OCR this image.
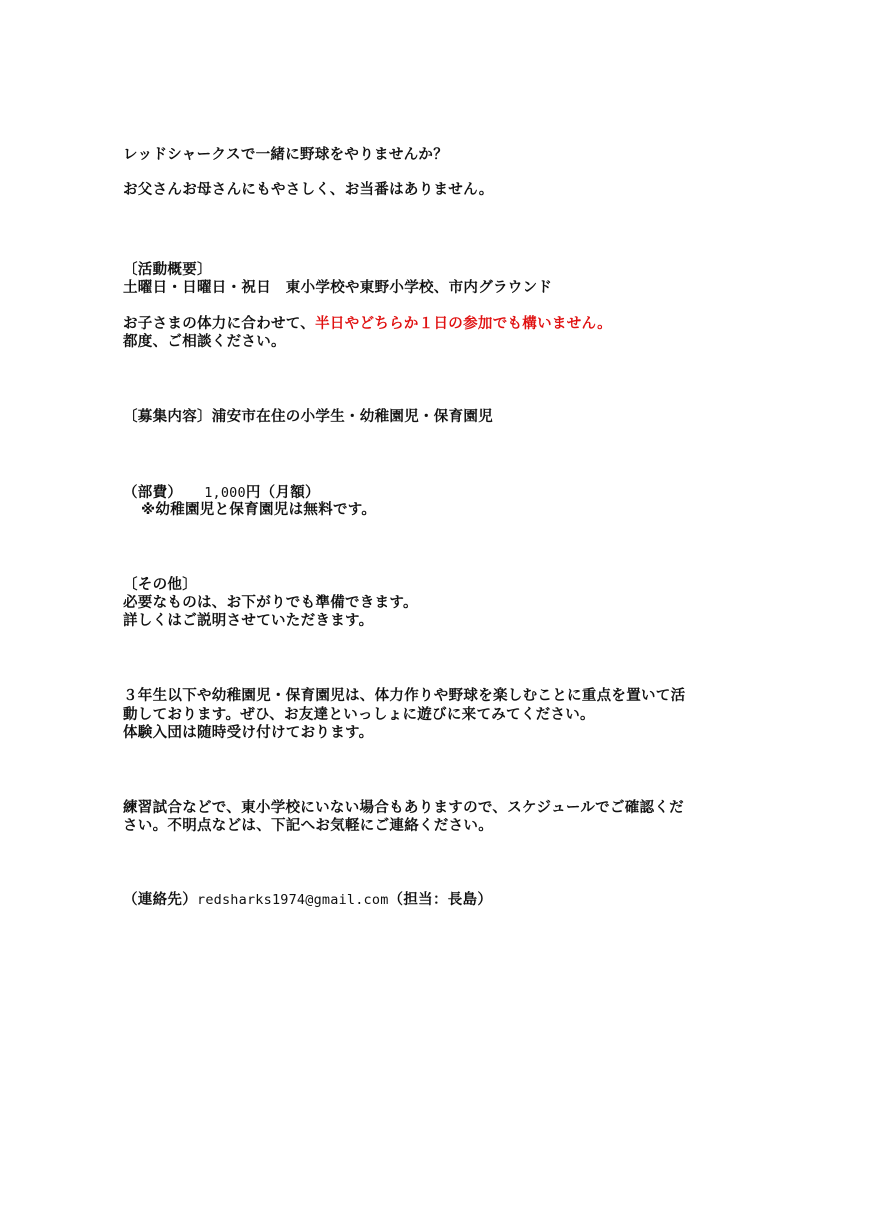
レッドシャークスで一緒に野球をやりませんか？

お父さんお母さんにもやさしく、お当番はありません。

〔活動概要〕

土曜日・日曜日・祝日　東小学校や東野小学校、市内グラウンド

お子さまの体力に合わせて、半日やどちらか１日の参加でも構いません。

都度、ご相談ください。

〔募集内容〕浦安市在住の小学生・幼稚園児・保育園児

（部費） 1,000円（月額）

※幼稚園児と保育園児は無料です。

〔その他〕

必要なものは、お下がりでも準備できます。

詳しくはご説明させていただきます。

３年生以下や幼稚園児・保育園児は、体力作りや野球を楽しむことに重点を置いて活

動しております。ぜひ、お友達といっしょに遊びに来てみてください。

体験入団は随時受け付けております。

練習試合などで、東小学校にいない場合もありますので、スケジュールでご確認くだ

さい。不明点などは、下記へお気軽にご連絡ください。

（連絡先）redsharks1974@gmail.com（担当：長島）
